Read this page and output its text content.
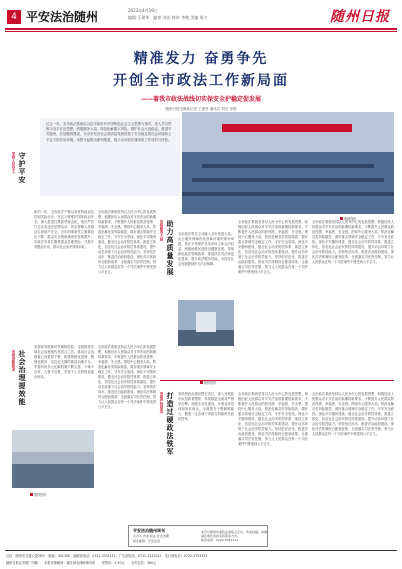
4 平安法治随州	2023年4月19日
编辑 王建华　编审 刘光 终审 李艳 美编 周力	随州日报
精准发力 奋勇争先
开创全市政法工作新局面
——着我市政法战线切实保安全护稳定促发展
随州日报全媒体记者 王建华 通讯员 刘光 李艳

过去一年，全市政法系统以习近平新时代中国特色社会主义思想为指导，深入学习贯彻习近平法治思想，积极服务大局，防范化解重大风险，维护社会大局稳定，推进平安随州、法治随州建设，为全市经济社会高质量发展营造了安全稳定的社会环境和公平正义的法治环境。本报今起推出系列报道，展示全市政法战线的工作成效与经验。

资料图片
坚持人民至上 守护平安
新的一年，全市政法干警以高度的政治自觉和实际行动，坚定不移维护国家政治安全，深入推进扫黑除恶常态化，依法严厉打击各类违法犯罪活动，切实保障人民群众生命财产安全。全年刑事案件立案数同比下降，群众安全感和满意度持续提升。市政法各单位聚焦群众急难愁盼，开展专项整治行动，推动社会治安持续向好。
全市政法系统坚持以人民为中心的发展思想，积极回应人民群众对平安法治的新期待新要求，不断提升人民群众的获得感、幸福感、安全感。围绕中心服务大局，防范化解各类风险隐患，做好重点领域安全稳定工作，守牢安全底线。深化平安随州建设，健全社会治安防控体系，推进立体化、信息化社会治安防控体系建设，提升动态环境下社会治安防控能力。坚持依法治市，推进法治政府建设，深化司法体制综合配套改革，全面落实司法责任制，努力让人民群众在每一个司法案件中感受到公平正义。
坚持服务大局 助力高质量发展	全市政法机关主动融入全市发展大局，出台服务保障优化营商环境的系列举措，依法平等保护各类市场主体合法权益，积极助推民营经济健康发展。持续深化政法领域改革，推进执法司法规范化建设，提升政法服务效能，为经济社会发展提供有力法治保障。
全市政法系统坚持以人民为中心的发展思想，积极回应人民群众对平安法治的新期待新要求，不断提升人民群众的获得感、幸福感、安全感。围绕中心服务大局，防范化解各类风险隐患，做好重点领域安全稳定工作，守牢安全底线。深化平安随州建设，健全社会治安防控体系，推进立体化、信息化社会治安防控体系建设，提升动态环境下社会治安防控能力。坚持依法治市，推进法治政府建设，深化司法体制综合配套改革，全面落实司法责任制，努力让人民群众在每一个司法案件中感受到公平正义。
全市政法系统坚持以人民为中心的发展思想，积极回应人民群众对平安法治的新期待新要求，不断提升人民群众的获得感、幸福感、安全感。围绕中心服务大局，防范化解各类风险隐患，做好重点领域安全稳定工作，守牢安全底线。深化平安随州建设，健全社会治安防控体系，推进立体化、信息化社会治安防控体系建设，提升动态环境下社会治安防控能力。坚持依法治市，推进法治政府建设，深化司法体制综合配套改革，全面落实司法责任制，努力让人民群众在每一个司法案件中感受到公平正义。
资料图片
坚持创新驱动 社会治理提效能
坚持和发展新时代枫桥经验，全面推进市域社会治理现代化试点工作。推动社会治理重心向基层下移，构建网格化管理、精细化服务、信息化支撑的基层治理平台。矛盾纠纷多元化解机制不断完善，小事不出村、大事不出镇、矛盾不上交的格局逐步形成。
全市政法系统坚持以人民为中心的发展思想，积极回应人民群众对平安法治的新期待新要求，不断提升人民群众的获得感、幸福感、安全感。围绕中心服务大局，防范化解各类风险隐患，做好重点领域安全稳定工作，守牢安全底线。深化平安随州建设，健全社会治安防控体系，推进立体化、信息化社会治安防控体系建设，提升动态环境下社会治安防控能力。坚持依法治市，推进法治政府建设，深化司法体制综合配套改革，全面落实司法责任制，努力让人民群众在每一个司法案件中感受到公平正义。
资料图片
坚持严管厚爱 打造过硬政法铁军	坚持把政治建设摆在首位，深入开展政法队伍教育整顿，持续推进全面从严管党治警。加强专业化建设，开展业务培训和岗位练兵，全面提升干警履职能力，锻造一支忠诚干净担当的新时代政法铁军。
全市政法系统坚持以人民为中心的发展思想，积极回应人民群众对平安法治的新期待新要求，不断提升人民群众的获得感、幸福感、安全感。围绕中心服务大局，防范化解各类风险隐患，做好重点领域安全稳定工作，守牢安全底线。深化平安随州建设，健全社会治安防控体系，推进立体化、信息化社会治安防控体系建设，提升动态环境下社会治安防控能力。坚持依法治市，推进法治政府建设，深化司法体制综合配套改革，全面落实司法责任制，努力让人民群众在每一个司法案件中感受到公平正义。
全市政法系统坚持以人民为中心的发展思想，积极回应人民群众对平安法治的新期待新要求，不断提升人民群众的获得感、幸福感、安全感。围绕中心服务大局，防范化解各类风险隐患，做好重点领域安全稳定工作，守牢安全底线。深化平安随州建设，健全社会治安防控体系，推进立体化、信息化社会治安防控体系建设，提升动态环境下社会治安防控能力。坚持依法治市，推进法治政府建设，深化司法体制综合配套改革，全面落实司法责任制，努力让人民群众在每一个司法案件中感受到公平正义。
平安法治随州周刊
主办人 市委 政法 社会治理
联系邮箱：平安法治
本刊与随州市委政法委联合主办，欢迎投稿，来稿请注明作者姓名和联系方式。
联系电话：0722-3331111
社址：随州市交通大道28号　邮编：441300　编辑部电话：0722-3331111　广告部电话：0722-3332222　发行部电话：0722-3333333
随州日报社印刷厂印刷　　本报法律顾问：湖北神农律师事务所　　零售价：1.50元　　全年定价：360元
